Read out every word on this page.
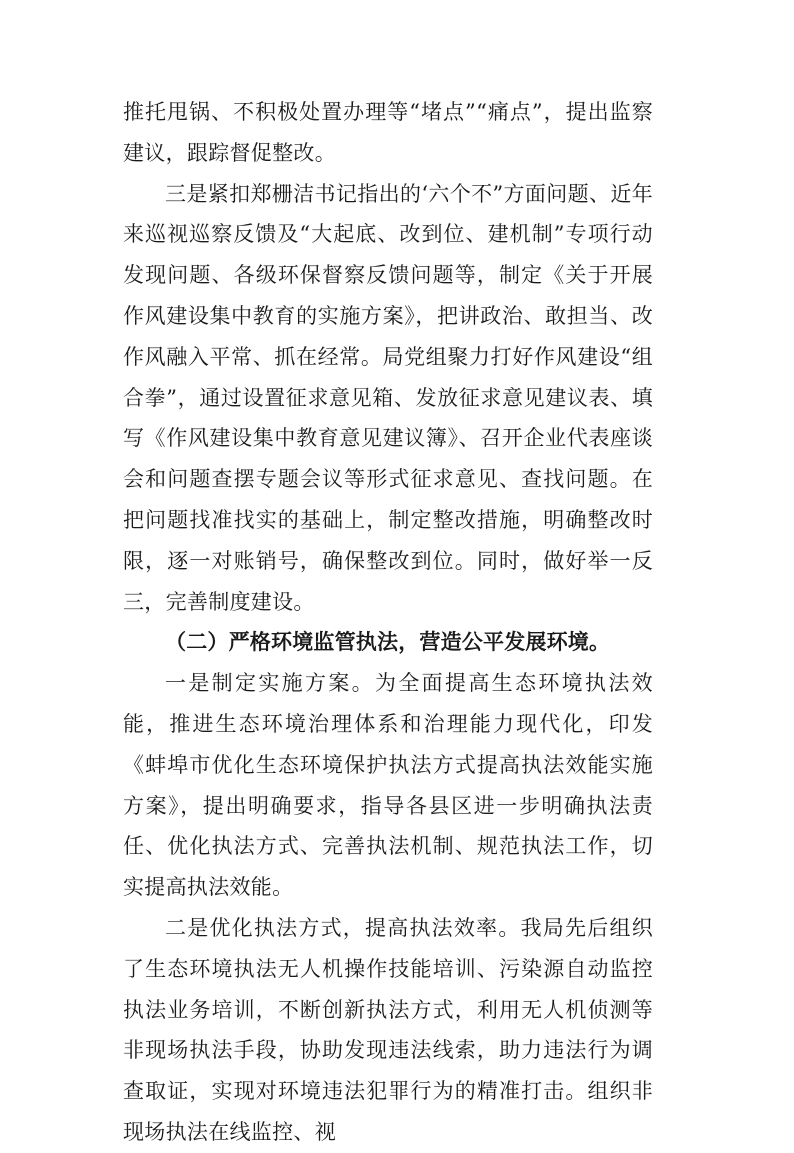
推托甩锅、不积极处置办理等“堵点”“痛点”，提出监察建议，跟踪督促整改。

三是紧扣郑栅洁书记指出的‘六个不”方面问题、近年来巡视巡察反馈及“大起底、改到位、建机制”专项行动发现问题、各级环保督察反馈问题等，制定《关于开展作风建设集中教育的实施方案》，把讲政治、敢担当、改作风融入平常、抓在经常。局党组聚力打好作风建设“组合拳”，通过设置征求意见箱、发放征求意见建议表、填写《作风建设集中教育意见建议簿》、召开企业代表座谈会和问题查摆专题会议等形式征求意见、查找问题。在把问题找准找实的基础上，制定整改措施，明确整改时限，逐一对账销号，确保整改到位。同时，做好举一反三，完善制度建设。

（二）严格环境监管执法，营造公平发展环境。

一是制定实施方案。为全面提高生态环境执法效能，推进生态环境治理体系和治理能力现代化，印发《蚌埠市优化生态环境保护执法方式提高执法效能实施方案》，提出明确要求，指导各县区进一步明确执法责任、优化执法方式、完善执法机制、规范执法工作，切实提高执法效能。

二是优化执法方式，提高执法效率。我局先后组织了生态环境执法无人机操作技能培训、污染源自动监控执法业务培训，不断创新执法方式，利用无人机侦测等非现场执法手段，协助发现违法线索，助力违法行为调查取证，实现对环境违法犯罪行为的精准打击。组织非现场执法在线监控、视
